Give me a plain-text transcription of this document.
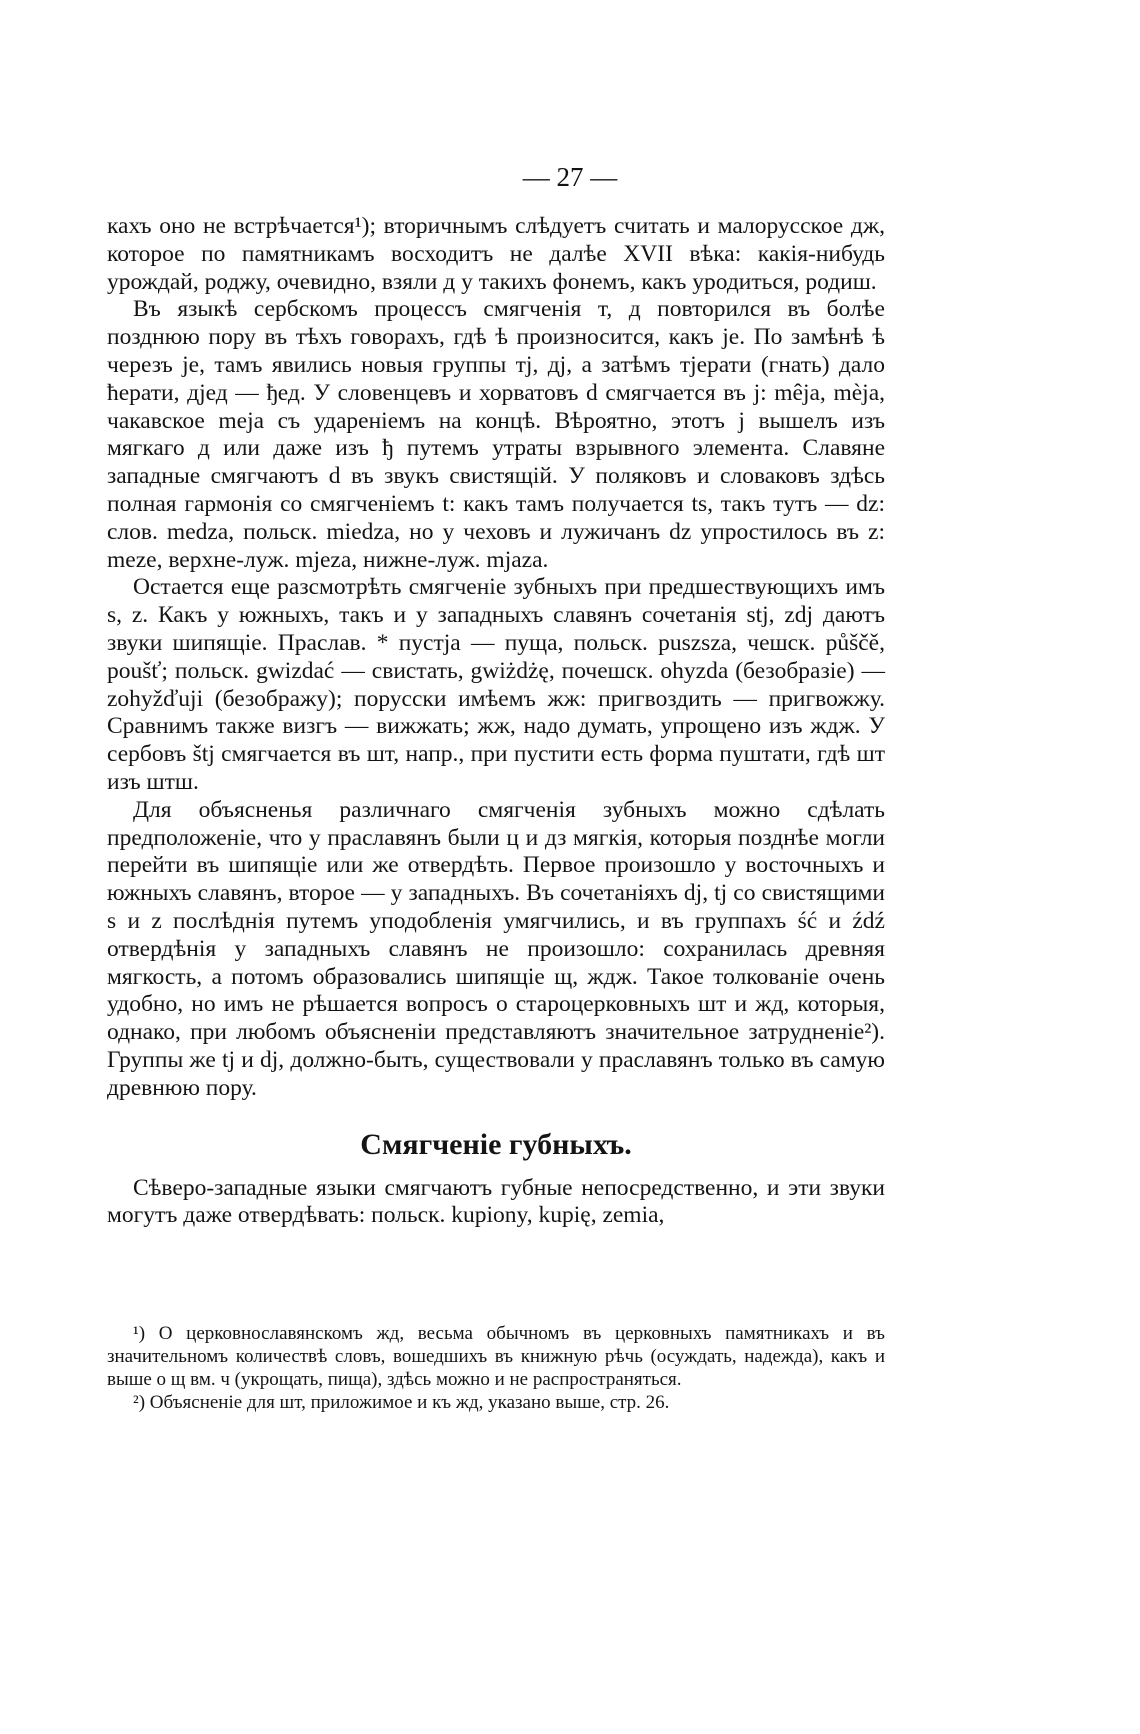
— 27 —

кахъ оно не встрѣчается¹); вторичнымъ слѣдуетъ считать и малорусское дж, которое по памятникамъ восходитъ не далѣе XVII вѣка: какія-нибудь урождай, роджу, очевидно, взяли д у такихъ фонемъ, какъ уродиться, родиш.

Въ языкѣ сербскомъ процессъ смягченія т, д повторился въ болѣе позднюю пору въ тѣхъ говорахъ, гдѣ ѣ произносится, какъ je. По замѣнѣ ѣ черезъ je, тамъ явились новыя группы тj, дj, а затѣмъ тjерати (гнать) дало ћерати, дjед — ђед. У словенцевъ и хорватовъ d смягчается въ j: mêja, mèja, чакавское meja съ удареніемъ на концѣ. Вѣроятно, этотъ j вышелъ изъ мягкаго д или даже изъ ђ путемъ утраты взрывного элемента. Славяне западные смягчаютъ d въ звукъ свистящій. У поляковъ и словаковъ здѣсь полная гармонія со смягченіемъ t: какъ тамъ получается ts, такъ тутъ — dz: слов. medza, польск. miedza, но у чеховъ и лужичанъ dz упростилось въ z: meze, верхне-луж. mjeza, нижне-луж. mjaza.

Остается еще разсмотрѣть смягченіе зубныхъ при предшествующихъ имъ s, z. Какъ у южныхъ, такъ и у западныхъ славянъ сочетанія stj, zdj даютъ звуки шипящіе. Праслав. * пустjа — пуща, польск. puszsza, чешск. půščě, poušť; польск. gwizdać — свистать, gwiżdżę, почешск. ohyzda (безобразіе) — zohyžďuji (безображу); порусски имѣемъ жж: пригвоздить — пригвожжу. Сравнимъ также визгъ — вижжать; жж, надо думать, упрощено изъ ждж. У сербовъ štj смягчается въ шт, напр., при пустити есть форма пуштати, гдѣ шт изъ штш.

Для объясненья различнаго смягченія зубныхъ можно сдѣлать предположеніе, что у праславянъ были ц и дз мягкія, которыя позднѣе могли перейти въ шипящіе или же отвердѣть. Первое произошло у восточныхъ и южныхъ славянъ, второе — у западныхъ. Въ сочетаніяхъ dj, tj со свистящими s и z послѣднія путемъ уподобленія умягчились, и въ группахъ ść и źdź отвердѣнія у западныхъ славянъ не произошло: сохранилась древняя мягкость, а потомъ образовались шипящіе щ, ждж. Такое толкованіе очень удобно, но имъ не рѣшается вопросъ о староцерковныхъ шт и жд, которыя, однако, при любомъ объясненіи представляютъ значительное затрудненіе²). Группы же tj и dj, должно-быть, существовали у праславянъ только въ самую древнюю пору.

Смягченіе губныхъ.

Сѣверо-западные языки смягчаютъ губные непосредственно, и эти звуки могутъ даже отвердѣвать: польск. kupiony, kupię, zemia,

¹) О церковнославянскомъ жд, весьма обычномъ въ церковныхъ памятникахъ и въ значительномъ количествѣ словъ, вошедшихъ въ книжную рѣчь (осуждать, надежда), какъ и выше о щ вм. ч (укрощать, пища), здѣсь можно и не распространяться.

²) Объясненіе для шт, приложимое и къ жд, указано выше, стр. 26.
